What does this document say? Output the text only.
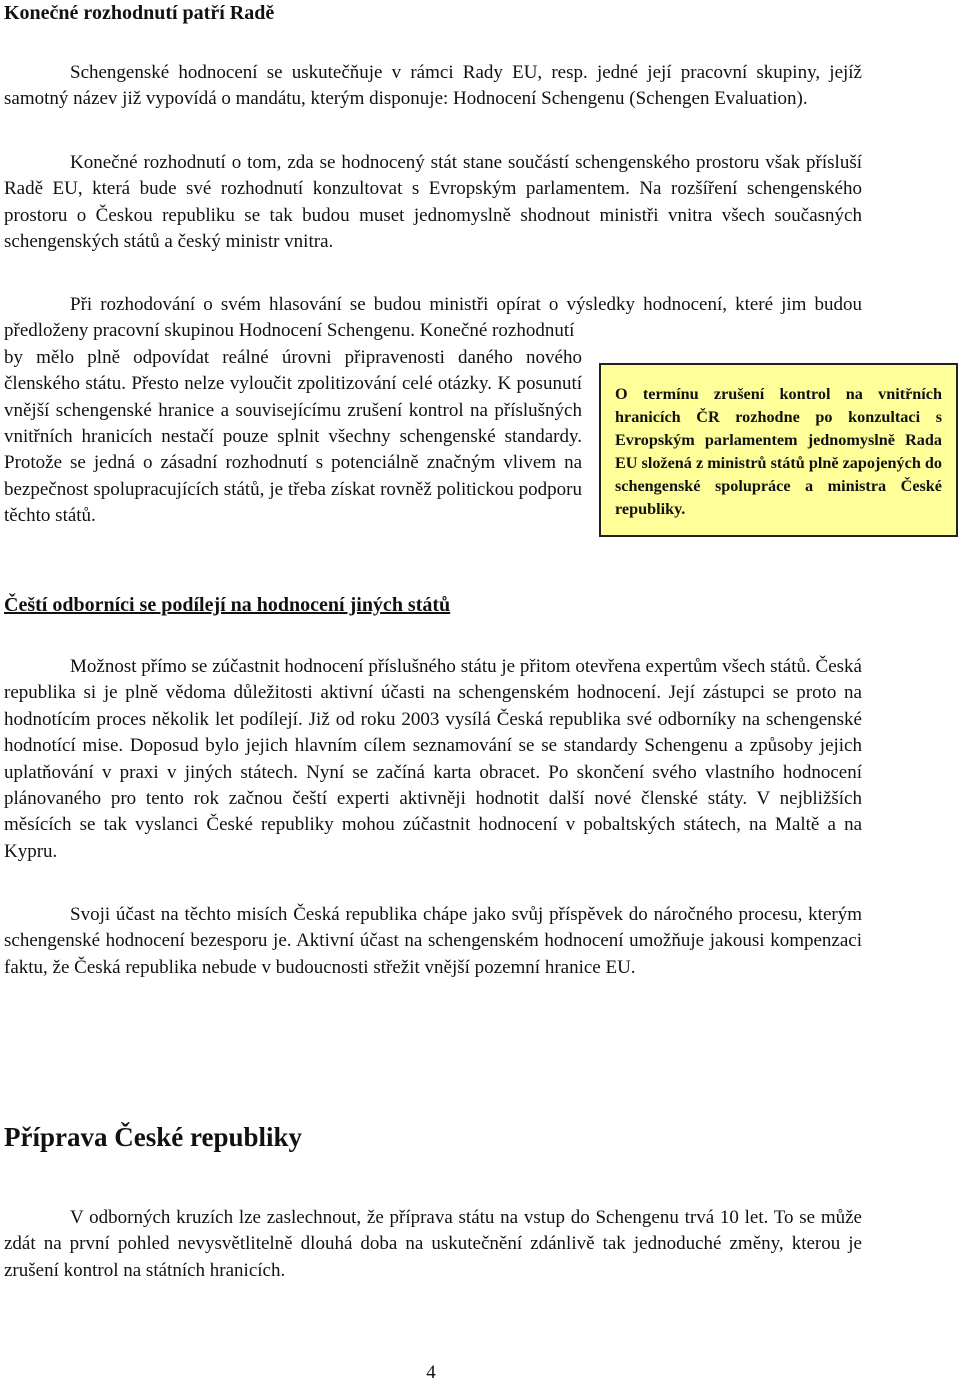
Konečné rozhodnutí patří Radě

Schengenské hodnocení se uskutečňuje v rámci Rady EU, resp. jedné její pracovní skupiny, jejíž samotný název již vypovídá o mandátu, kterým disponuje: Hodnocení Schengenu (Schengen Evaluation).

Konečné rozhodnutí o tom, zda se hodnocený stát stane součástí schengenského prostoru však přísluší Radě EU, která bude své rozhodnutí konzultovat s Evropským parlamentem. Na rozšíření schengenského prostoru o Českou republiku se tak budou muset jednomyslně shodnout ministři vnitra všech současných schengenských států a český ministr vnitra.

Při rozhodování o svém hlasování se budou ministři opírat o výsledky hodnocení, které jim budou předloženy pracovní skupinou Hodnocení Schengenu. Konečné rozhodnutí

by mělo plně odpovídat reálné úrovni připravenosti daného nového členského státu. Přesto nelze vyloučit zpolitizování celé otázky. K posunutí vnější schengenské hranice a souvisejícímu zrušení kontrol na příslušných vnitřních hranicích nestačí pouze splnit všechny schengenské standardy. Protože se jedná o zásadní rozhodnutí s potenciálně značným vlivem na bezpečnost spolupracujících států, je třeba získat rovněž politickou podporu těchto států.

O termínu zrušení kontrol na vnitřních hranicích ČR rozhodne po konzultaci s Evropským parlamentem jednomyslně Rada EU složená z ministrů států plně zapojených do schengenské spolupráce a ministra České republiky.

Čeští odborníci se podílejí na hodnocení jiných států

Možnost přímo se zúčastnit hodnocení příslušného státu je přitom otevřena expertům všech států. Česká republika si je plně vědoma důležitosti aktivní účasti na schengenském hodnocení. Její zástupci se proto na hodnotícím proces několik let podílejí. Již od roku 2003 vysílá Česká republika své odborníky na schengenské hodnotící mise. Doposud bylo jejich hlavním cílem seznamování se se standardy Schengenu a způsoby jejich uplatňování v praxi v jiných státech. Nyní se začíná karta obracet. Po skončení svého vlastního hodnocení plánovaného pro tento rok začnou čeští experti aktivněji hodnotit další nové členské státy. V nejbližších měsících se tak vyslanci České republiky mohou zúčastnit hodnocení v pobaltských státech, na Maltě a na Kypru.

Svoji účast na těchto misích Česká republika chápe jako svůj příspěvek do náročného procesu, kterým schengenské hodnocení bezesporu je. Aktivní účast na schengenském hodnocení umožňuje jakousi kompenzaci faktu, že Česká republika nebude v budoucnosti střežit vnější pozemní hranice EU.

Příprava České republiky

V odborných kruzích lze zaslechnout, že příprava státu na vstup do Schengenu trvá 10 let. To se může zdát na první pohled nevysvětlitelně dlouhá doba na uskutečnění zdánlivě tak jednoduché změny, kterou je zrušení kontrol na státních hranicích.

4
